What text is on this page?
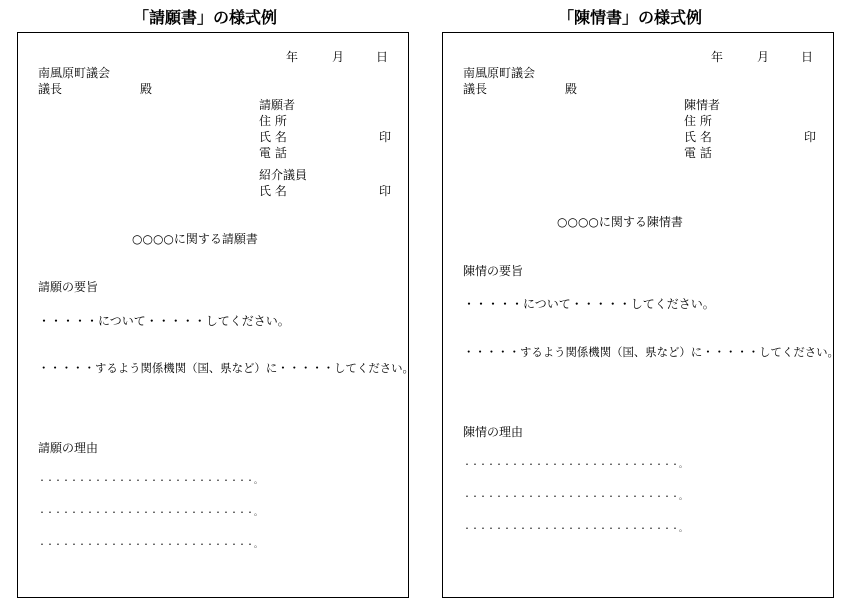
「請願書」の様式例
年	月	日
南風原町議会
議長	殿
請願者
住 所
氏 名	印
電 話
紹介議員
氏 名	印
○○○○に関する請願書
請願の要旨
・・・・・について・・・・・してください。
・・・・・するよう関係機関（国、県など）に・・・・・してください。
請願の理由
・・・・・・・・・・・・・・・・・・・・・・・・・・・。
・・・・・・・・・・・・・・・・・・・・・・・・・・・。
・・・・・・・・・・・・・・・・・・・・・・・・・・・。
「陳情書」の様式例
年	月	日
南風原町議会
議長	殿
陳情者
住 所
氏 名	印
電 話
○○○○に関する陳情書
陳情の要旨
・・・・・について・・・・・してください。
・・・・・するよう関係機関（国、県など）に・・・・・してください。
陳情の理由
・・・・・・・・・・・・・・・・・・・・・・・・・・・。
・・・・・・・・・・・・・・・・・・・・・・・・・・・。
・・・・・・・・・・・・・・・・・・・・・・・・・・・。
